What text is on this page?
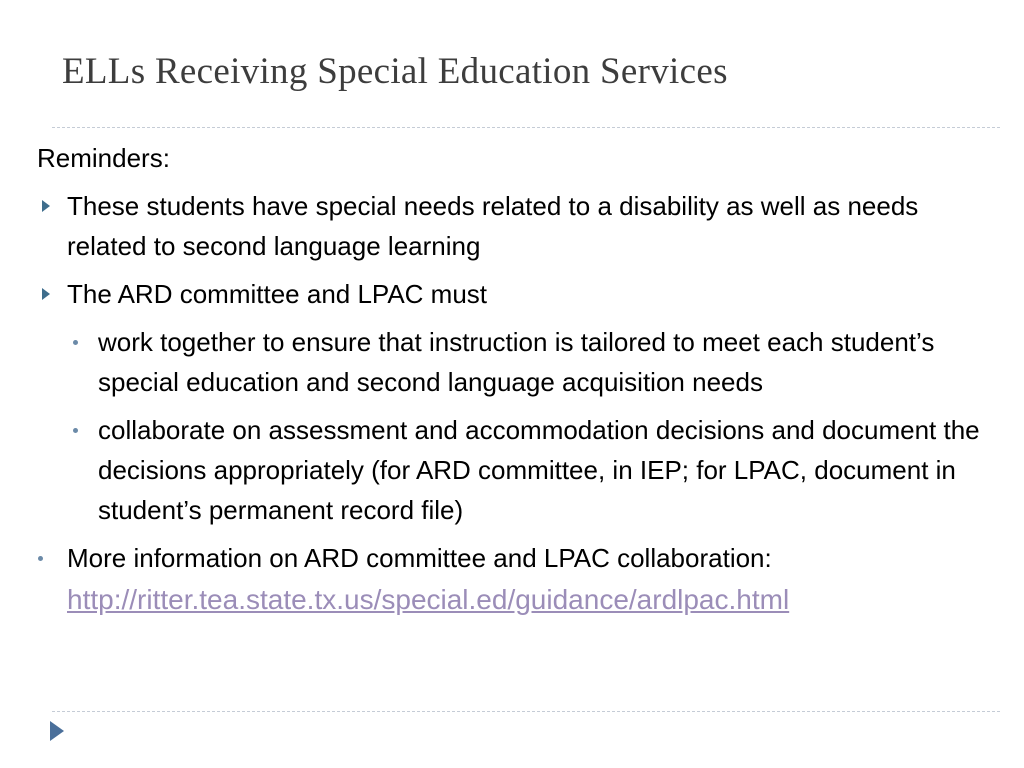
ELLs Receiving Special Education Services

Reminders:

These students have special needs related to a disability as well as needs related to second language learning
The ARD committee and LPAC must
work together to ensure that instruction is tailored to meet each student’s special education and second language acquisition needs
collaborate on assessment and accommodation decisions and document the decisions appropriately (for ARD committee, in IEP; for LPAC, document in student’s permanent record file)
More information on ARD committee and LPAC collaboration:
http://ritter.tea.state.tx.us/special.ed/guidance/ardlpac.html
